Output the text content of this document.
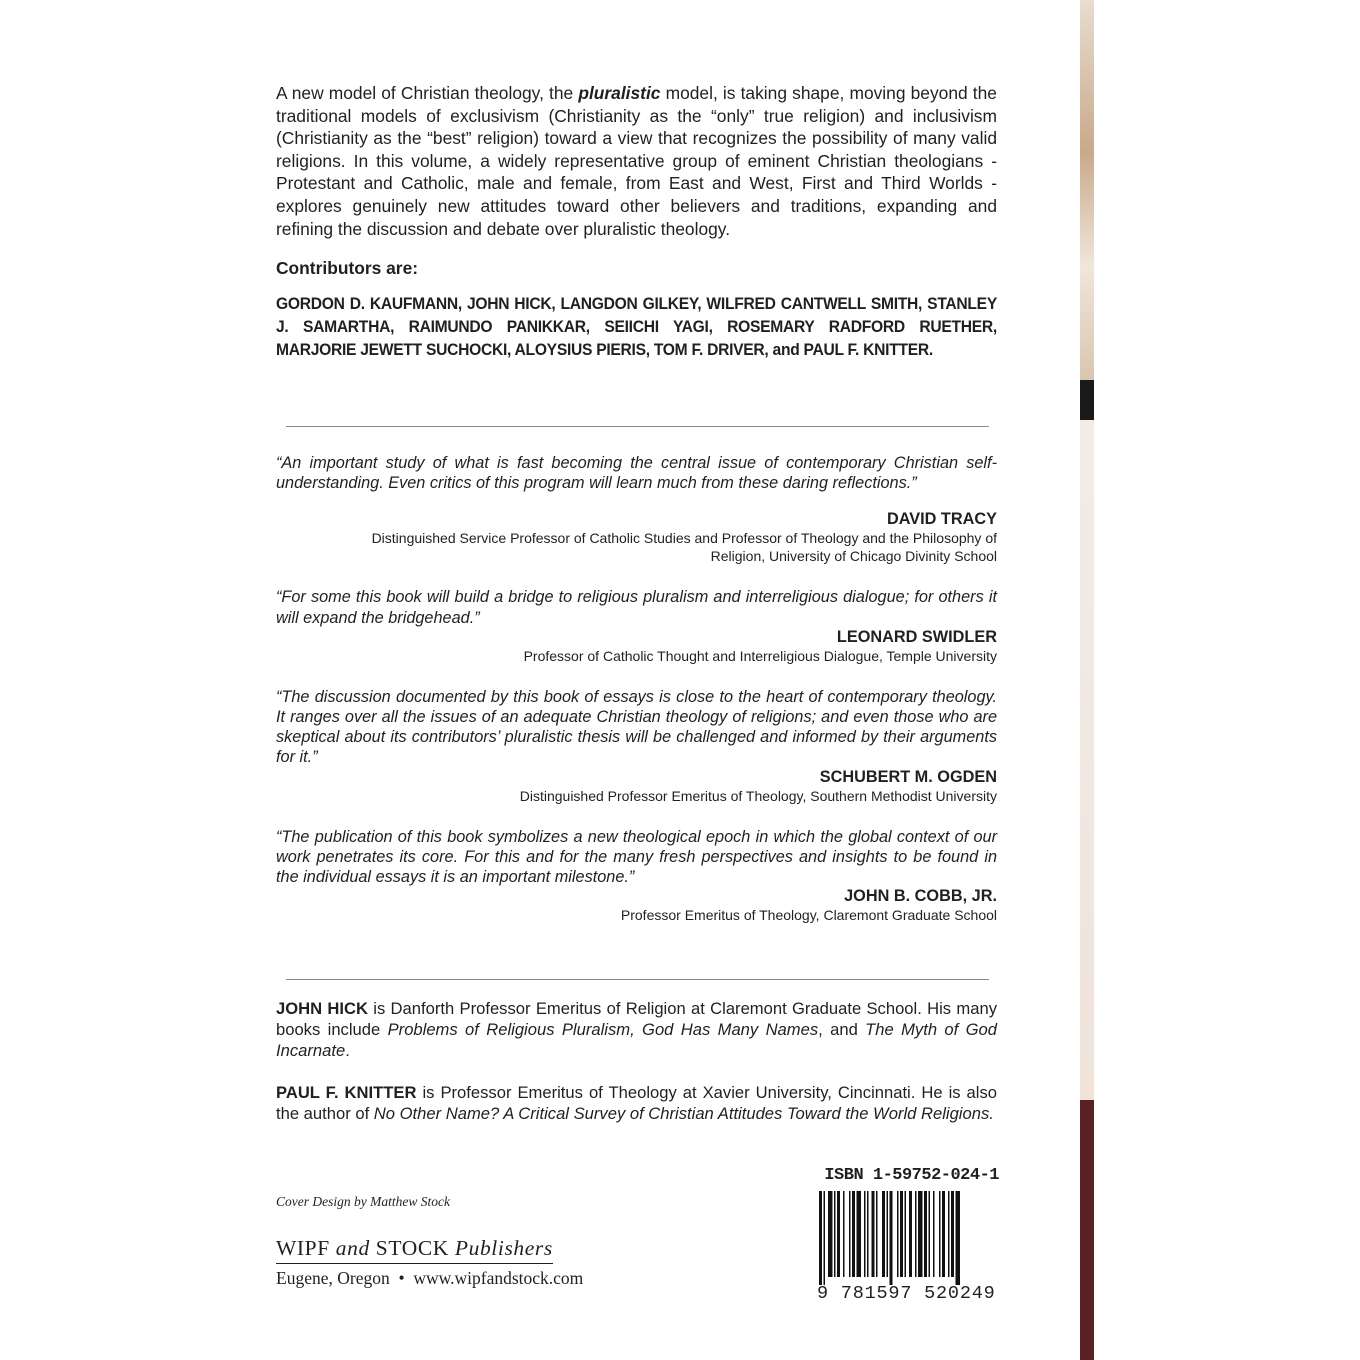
A new model of Christian theology, the pluralistic model, is taking shape, moving beyond the traditional models of exclusivism (Christianity as the “only” true religion) and inclusivism (Christianity as the “best” religion) toward a view that recognizes the possibility of many valid religions. In this volume, a widely representative group of eminent Christian theologians - Protestant and Catholic, male and female, from East and West, First and Third Worlds - explores genuinely new attitudes toward other believers and traditions, expanding and refining the discussion and debate over pluralistic theology.

Contributors are:

GORDON D. KAUFMANN, JOHN HICK, LANGDON GILKEY, WILFRED CANTWELL SMITH, STANLEY J. SAMARTHA, RAIMUNDO PANIKKAR, SEIICHI YAGI, ROSEMARY RADFORD RUETHER, MARJORIE JEWETT SUCHOCKI, ALOYSIUS PIERIS, TOM F. DRIVER, and PAUL F. KNITTER.

“An important study of what is fast becoming the central issue of contemporary Christian self-understanding. Even critics of this program will learn much from these daring reflections.”

DAVID TRACY

Distinguished Service Professor of Catholic Studies and Professor of Theology and the Philosophy of

Religion, University of Chicago Divinity School

“For some this book will build a bridge to religious pluralism and interreligious dialogue; for others it will expand the bridgehead.”

LEONARD SWIDLER

Professor of Catholic Thought and Interreligious Dialogue, Temple University

“The discussion documented by this book of essays is close to the heart of contemporary theology. It ranges over all the issues of an adequate Christian theology of religions; and even those who are skeptical about its contributors’ pluralistic thesis will be challenged and informed by their arguments for it.”

SCHUBERT M. OGDEN

Distinguished Professor Emeritus of Theology, Southern Methodist University

“The publication of this book symbolizes a new theological epoch in which the global context of our work penetrates its core. For this and for the many fresh perspectives and insights to be found in the individual essays it is an important milestone.”

JOHN B. COBB, JR.

Professor Emeritus of Theology, Claremont Graduate School

JOHN HICK is Danforth Professor Emeritus of Religion at Claremont Graduate School. His many books include Problems of Religious Pluralism, God Has Many Names, and The Myth of God Incarnate.

PAUL F. KNITTER is Professor Emeritus of Theology at Xavier University, Cincinnati. He is also the author of No Other Name? A Critical Survey of Christian Attitudes Toward the World Religions.

Cover Design by Matthew Stock
WIPF and STOCK Publishers
Eugene, Oregon  •  www.wipfandstock.com
ISBN 1-59752-024-1
9 781597 520249
